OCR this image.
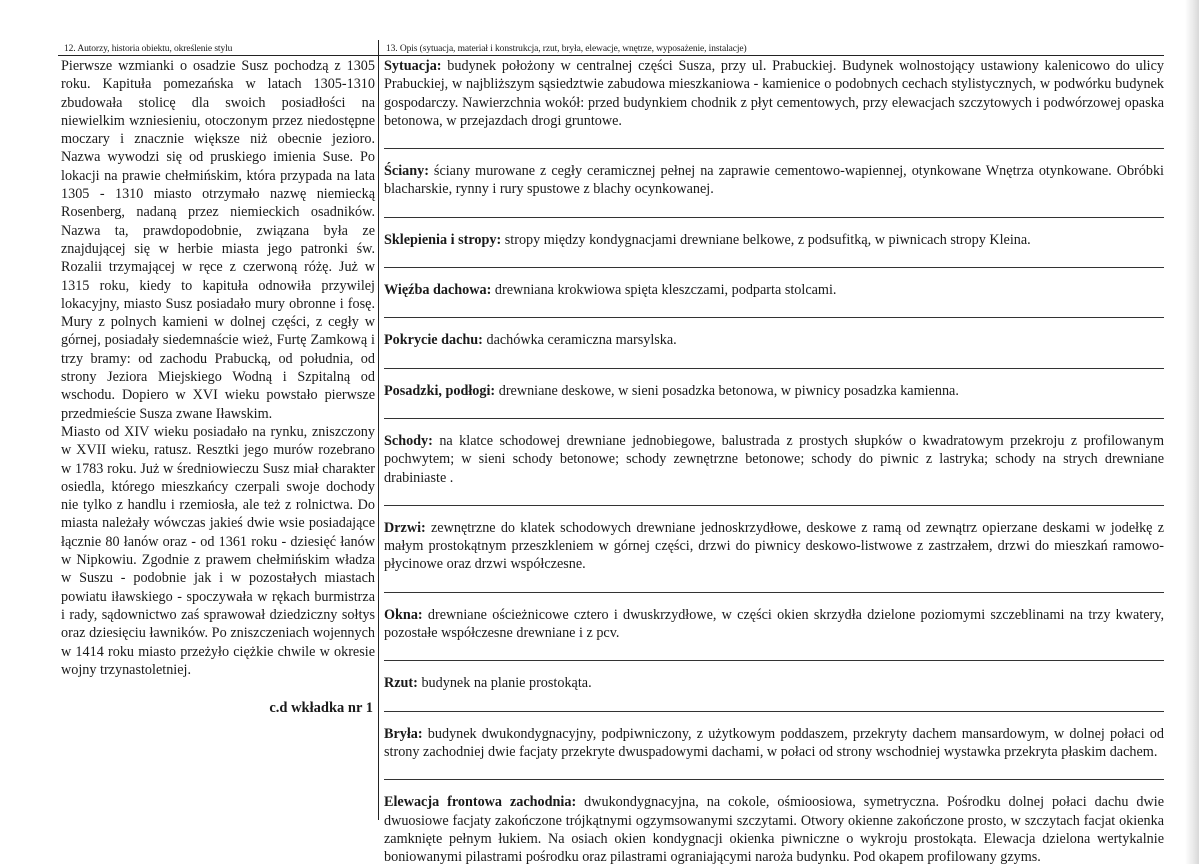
12. Autorzy, historia obiektu, określenie stylu	13. Opis (sytuacja, materiał i konstrukcja, rzut, bryła, elewacje, wnętrze, wyposażenie, instalacje)

Pierwsze wzmianki o osadzie Susz pochodzą z 1305 roku. Kapituła pomezańska w latach 1305-1310 zbudowała stolicę dla swoich posiadłości na niewielkim wzniesieniu, otoczonym przez niedostępne moczary i znacznie większe niż obecnie jezioro. Nazwa wywodzi się od pruskiego imienia Suse. Po lokacji na prawie chełmińskim, która przypada na lata 1305 - 1310 miasto otrzymało nazwę niemiecką Rosenberg, nadaną przez niemieckich osadników. Nazwa ta, prawdopodobnie, związana była ze znajdującej się w herbie miasta jego patronki św. Rozalii trzymającej w ręce z czerwoną różę. Już w 1315 roku, kiedy to kapituła odnowiła przywilej lokacyjny, miasto Susz posiadało mury obronne i fosę. Mury z polnych kamieni w dolnej części, z cegły w górnej, posiadały siedemnaście wież, Furtę Zamkową i trzy bramy: od zachodu Prabucką, od południa, od strony Jeziora Miejskiego Wodną i Szpitalną od wschodu. Dopiero w XVI wieku powstało pierwsze przedmieście Susza zwane Iławskim.

Miasto od XIV wieku posiadało na rynku, zniszczony w XVII wieku, ratusz. Resztki jego murów rozebrano w 1783 roku. Już w średniowieczu Susz miał charakter osiedla, którego mieszkańcy czerpali swoje dochody nie tylko z handlu i rzemiosła, ale też z rolnictwa. Do miasta należały wówczas jakieś dwie wsie posiadające łącznie 80 łanów oraz - od 1361 roku - dziesięć łanów w Nipkowiu. Zgodnie z prawem chełmińskim władza w Suszu - podobnie jak i w pozostałych miastach powiatu iławskiego - spoczywała w rękach burmistrza i rady, sądownictwo zaś sprawował dziedziczny sołtys oraz dziesięciu ławników. Po zniszczeniach wojennych w 1414 roku miasto przeżyło ciężkie chwile w okresie wojny trzynastoletniej.

c.d wkładka nr 1

Sytuacja: budynek położony w centralnej części Susza, przy ul. Prabuckiej. Budynek wolnostojący ustawiony kalenicowo do ulicy Prabuckiej, w najbliższym sąsiedztwie zabudowa mieszkaniowa - kamienice o podobnych cechach stylistycznych, w podwórku budynek gospodarczy. Nawierzchnia wokół: przed budynkiem chodnik z płyt cementowych, przy elewacjach szczytowych i podwórzowej opaska betonowa, w przejazdach drogi gruntowe.
Ściany: ściany murowane z cegły ceramicznej pełnej na zaprawie cementowo-wapiennej, otynkowane Wnętrza otynkowane. Obróbki blacharskie, rynny i rury spustowe z blachy ocynkowanej.
Sklepienia i stropy: stropy między kondygnacjami drewniane belkowe, z podsufitką, w piwnicach stropy Kleina.
Więźba dachowa: drewniana krokwiowa spięta kleszczami, podparta stolcami.
Pokrycie dachu: dachówka ceramiczna marsylska.
Posadzki, podłogi: drewniane deskowe, w sieni posadzka betonowa, w piwnicy posadzka kamienna.
Schody: na klatce schodowej drewniane jednobiegowe, balustrada z prostych słupków o kwadratowym przekroju z profilowanym pochwytem; w sieni schody betonowe; schody zewnętrzne betonowe; schody do piwnic z lastryka; schody na strych drewniane drabiniaste .
Drzwi: zewnętrzne do klatek schodowych drewniane jednoskrzydłowe, deskowe z ramą od zewnątrz opierzane deskami w jodełkę z małym prostokątnym przeszkleniem w górnej części, drzwi do piwnicy deskowo-listwowe z zastrzałem, drzwi do mieszkań ramowo-płycinowe oraz drzwi współczesne.
Okna: drewniane ościeżnicowe cztero i dwuskrzydłowe, w części okien skrzydła dzielone poziomymi szczeblinami na trzy kwatery, pozostałe współczesne drewniane i z pcv.
Rzut: budynek na planie prostokąta.
Bryła: budynek dwukondygnacyjny, podpiwniczony, z użytkowym poddaszem, przekryty dachem mansardowym, w dolnej połaci od strony zachodniej dwie facjaty przekryte dwuspadowymi dachami, w połaci od strony wschodniej wystawka przekryta płaskim dachem.
Elewacja frontowa zachodnia: dwukondygnacyjna, na cokole, ośmioosiowa, symetryczna. Pośrodku dolnej połaci dachu dwie dwuosiowe facjaty zakończone trójkątnymi ogzymsowanymi szczytami. Otwory okienne zakończone prosto, w szczytach facjat okienka zamknięte pełnym łukiem. Na osiach okien kondygnacji okienka piwniczne o wykroju prostokąta. Elewacja dzielona wertykalnie boniowanymi pilastrami pośrodku oraz pilastrami ograniającymi naroża budynku. Pod okapem profilowany gzyms.
